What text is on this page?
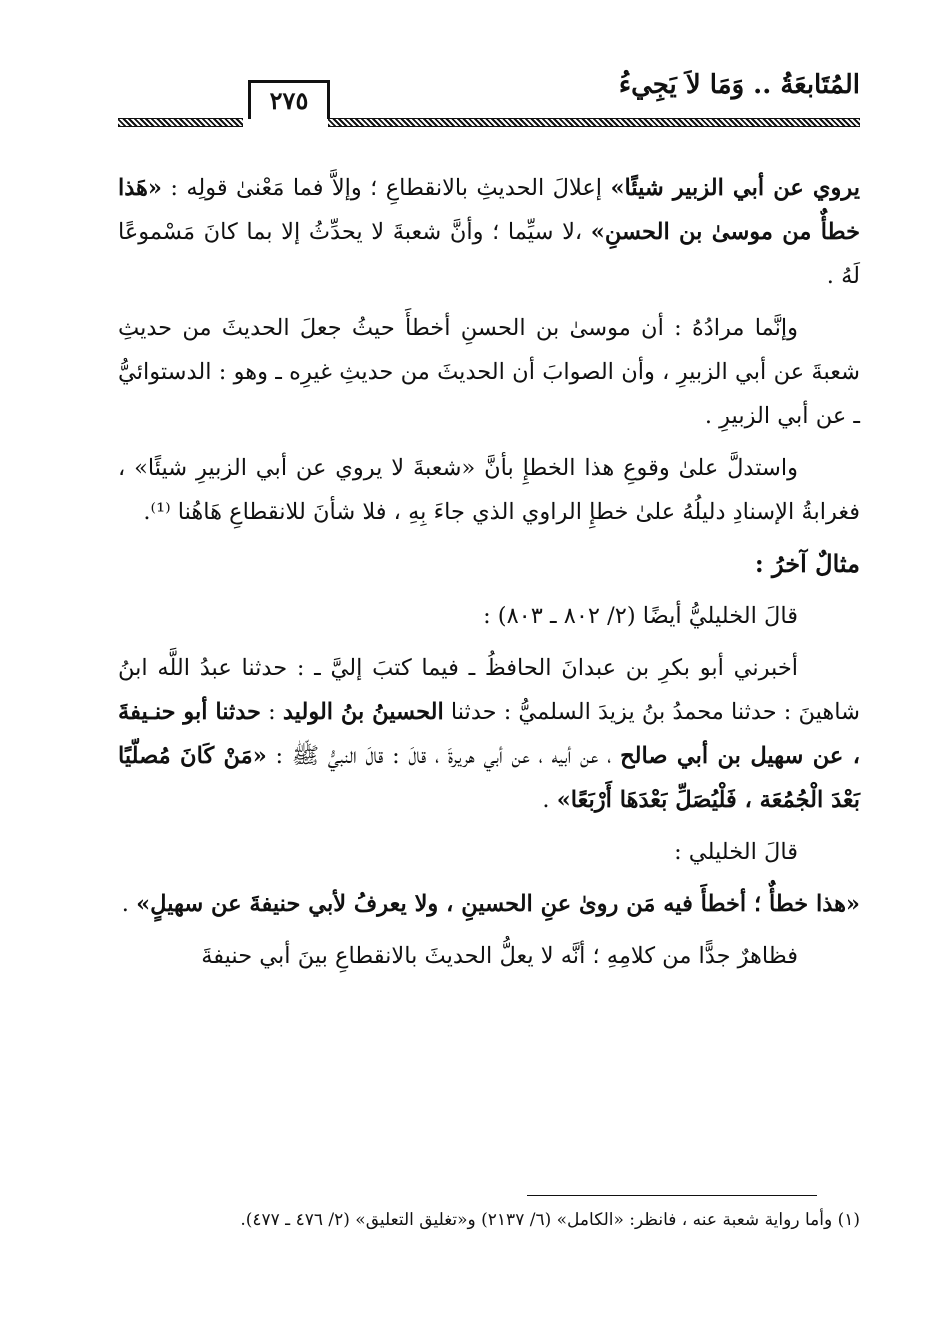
المُتَابعَةُ .. وَمَا لاَ يَجِيءُ
٢٧٥

يروي عن أبي الزبير شيئًا» إعلالَ الحديثِ بالانقطاعِ ؛ وإلاَّ فما مَعْنىٰ قولِه : «هَذا خطأٌ من موسىٰ بن الحسنِ» ،لا سيِّما ؛ وأنَّ شعبةَ لا يحدِّثُ إلا بما كانَ مَسْموعًا لَهُ .

وإنَّما مرادُهُ : أن موسىٰ بن الحسنِ أخطأَ حيثُ جعلَ الحديثَ من حديثِ شعبةَ عن أبي الزبيرِ ، وأن الصوابَ أن الحديثَ من حديثِ غيرِه ـ وهو : الدستوائيُّ ـ عن أبي الزبيرِ .

واستدلَّ علىٰ وقوعِ هذا الخطإِ بأنَّ «شعبةَ لا يروي عن أبي الزبيرِ شيئًا» ، فغرابةُ الإسنادِ دليلُهُ علىٰ خطإِ الراوي الذي جاءَ بِهِ ، فلا شأنَ للانقطاعِ هَاهُنا ⁽¹⁾.

مثالٌ آخرُ :

قالَ الخليليُّ أيضًا (٢/ ٨٠٢ ـ ٨٠٣) :

أخبرني أبو بكرِ بن عبدانَ الحافظُ ـ فيما كتبَ إليَّ ـ : حدثنا عبدُ اللَّه ابنُ شاهينَ : حدثنا محمدُ بنُ يزيدَ السلميُّ : حدثنا الحسينُ بنُ الوليد : حدثنا أبو حنـيفةَ ، عن سهيل بن أبي صالح ، عن أبيه ، عن أبي هريرةَ ، قالَ : قالَ النبيُّ ﷺ : «مَنْ كَانَ مُصلّيًا بَعْدَ الْجُمُعَة ، فَلْيُصَلِّ بَعْدَهَا أَرْبَعًا» .

قالَ الخليلي :

«هذا خطأٌ ؛ أخطأَ فيه مَن روىٰ عنِ الحسينِ ، ولا يعرفُ لأبي حنيفةَ عن سهيلٍ» .

فظاهرٌ جدًّا من كلامِهِ ؛ أنَّه لا يعلُّ الحديثَ بالانقطاعِ بينَ أبي حنيفةَ

(١) وأما رواية شعبة عنه ، فانظر: «الكامل» (٦/ ٢١٣٧) و«تغليق التعليق» (٢/ ٤٧٦ ـ ٤٧٧).
